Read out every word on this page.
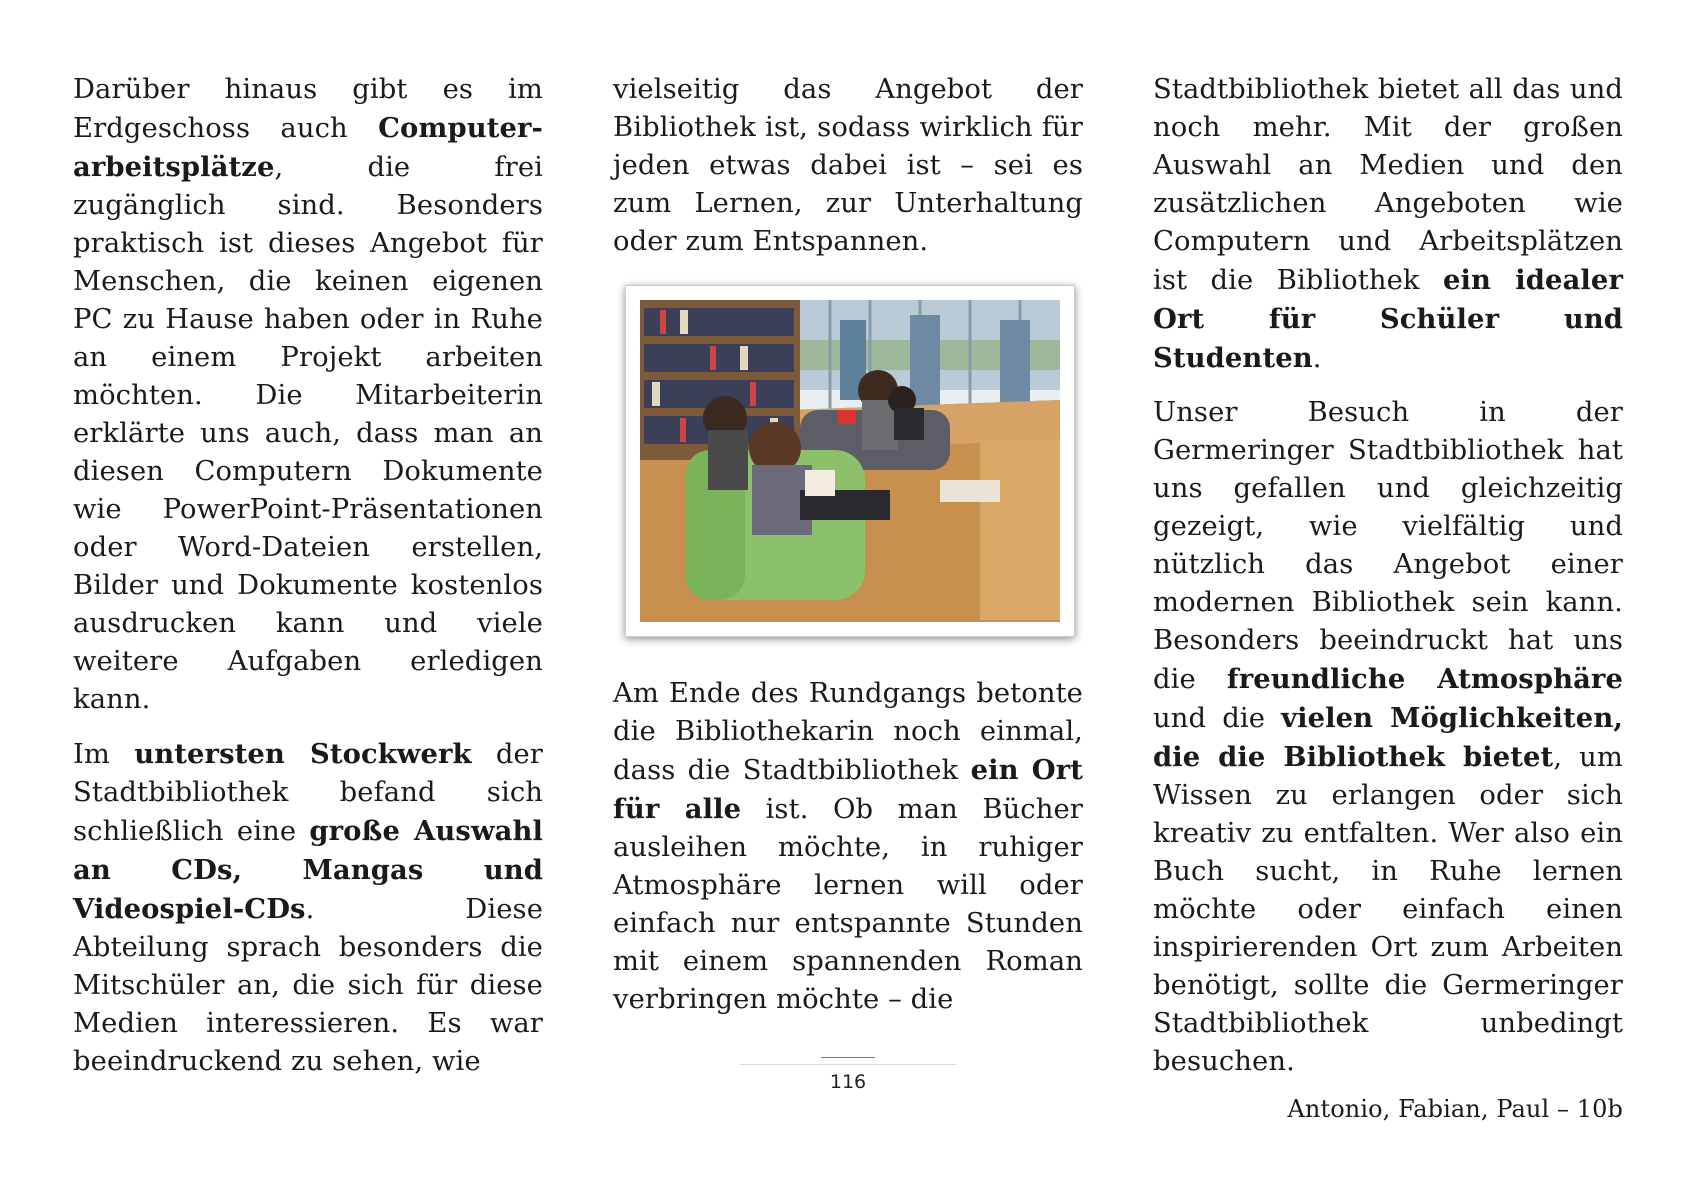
Darüber hinaus gibt es im Erdgeschoss auch Computer-arbeitsplätze, die frei zugänglich sind. Besonders praktisch ist dieses Angebot für Menschen, die keinen eigenen PC zu Hause haben oder in Ruhe an einem Projekt arbeiten möchten. Die Mitarbeiterin erklärte uns auch, dass man an diesen Computern Dokumente wie PowerPoint-Präsentationen oder Word-Dateien erstellen, Bilder und Dokumente kostenlos ausdrucken kann und viele weitere Aufgaben erledigen kann.

Im untersten Stockwerk der Stadtbibliothek befand sich schließlich eine große Auswahl an CDs, Mangas und Videospiel-CDs. Diese Abteilung sprach besonders die Mitschüler an, die sich für diese Medien interessieren. Es war beeindruckend zu sehen, wie

vielseitig das Angebot der Bibliothek ist, sodass wirklich für jeden etwas dabei ist – sei es zum Lernen, zur Unterhaltung oder zum Entspannen.

Am Ende des Rundgangs betonte die Bibliothekarin noch einmal, dass die Stadtbibliothek ein Ort für alle ist. Ob man Bücher ausleihen möchte, in ruhiger Atmosphäre lernen will oder einfach nur entspannte Stunden mit einem spannenden Roman verbringen möchte – die

Stadtbibliothek bietet all das und noch mehr. Mit der großen Auswahl an Medien und den zusätzlichen Angeboten wie Computern und Arbeitsplätzen ist die Bibliothek ein idealer Ort für Schüler und Studenten.

Unser Besuch in der Germeringer Stadtbibliothek hat uns gefallen und gleichzeitig gezeigt, wie vielfältig und nützlich das Angebot einer modernen Bibliothek sein kann. Besonders beeindruckt hat uns die freundliche Atmosphäre und die vielen Möglichkeiten, die die Bibliothek bietet, um Wissen zu erlangen oder sich kreativ zu entfalten. Wer also ein Buch sucht, in Ruhe lernen möchte oder einfach einen inspirierenden Ort zum Arbeiten benötigt, sollte die Germeringer Stadtbibliothek unbedingt besuchen.

Antonio, Fabian, Paul – 10b
116
